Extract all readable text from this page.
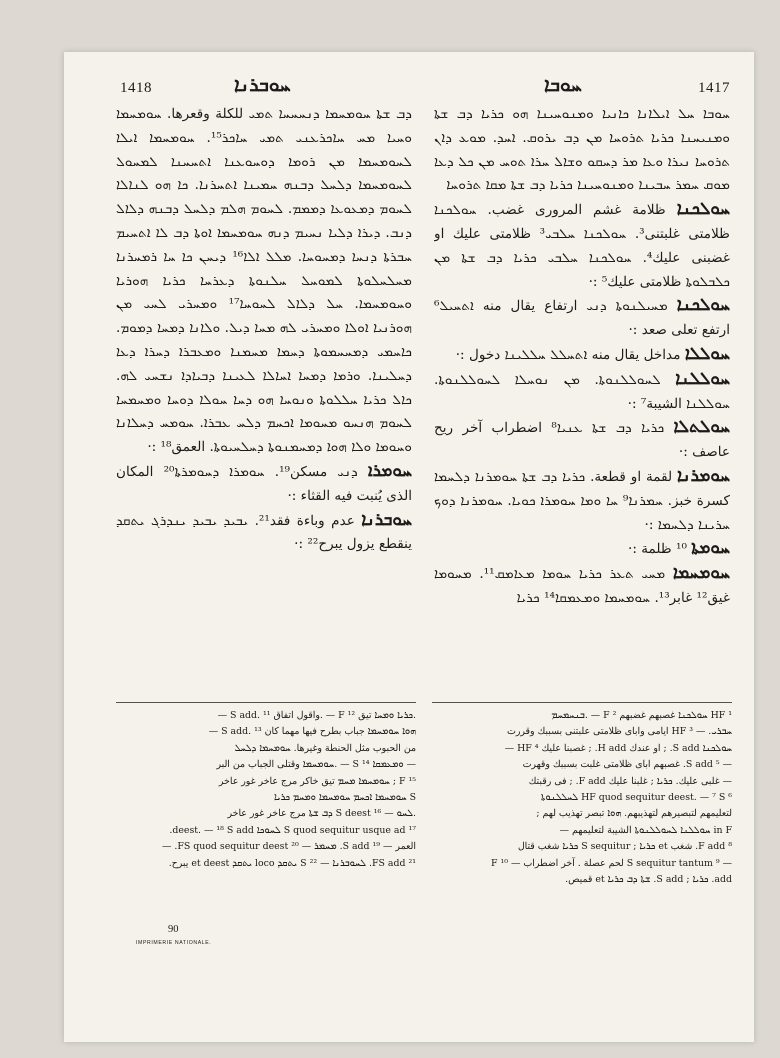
1418	ܚܘܒܪܢܐ	ܚܘܒܐ	1417

ܚܘܒܐ ܚܠ ܐܝܠܐܢܐ ܟܐܢܝܐ ܘܡܢܘܚܝܢܐ ܗܘ ܟܪܝܐ ܕܒ ܫܬܐ ܘܡܢܝܚܢܐ ܟܪܝܐ ܬܪܘܚܐ ܡܢ ܕܒ ܝܪܘܩ. ܐܚܕ. ܡܘܥ ܕܐܢ ܬܪܘܚܐ ܢܝܪܐ ܘܥܐ ܡܪ ܕܚܩܘ ܘܫܐܠ ܚܪܐ ܬܘܚ ܡܢ ܟܠ ܕܥܐ ܡܘܩ ܚܡܪ ܚܒܝܢܐ ܘܡܢܘܚܝܢܐ ܟܪܝܐ ܕܒ ܫܬܐ ܡܩܐ ܬܪܘܚܐ

ܚܘܠܟܢܐ ظلامة غشم المرورى غضب. ܚܘܠܟܢܐ ظلامتى غلبتنى³. ܚܘܠܟܢܐ ܚܠܒܝ³ ظلامتى عليك او غضبنى عليك⁴. ܚܘܠܟܢܐ ܚܠܒܝ ܟܪܝܐ ܕܒ ܫܬܐ ܡܢ ܟܠܒܠܘܬܐ ظلامتى عليك⁵ :·

ܚܘܠܟܢܐ ܡܚܝܠܢܘܬܐ ܕܢܝ ارتفاع يقال منه ܐܬܚܝܠ⁶ ارتفع تعلى صعد :·

ܚܘܠܠܐ مداخل يقال منه ܐܬܚܠܠ ܚܠܠܝܢܐ دخول :·

ܚܘܠܠܢܐ ܠܚܘܠܠܢܘܬܐ. ܡܢ ܢܘܚܠܐ ܠܚܘܠܠܢܘܬܐ. ܚܘܠܠܢܐ الشيبة⁷ :·

ܚܘܠܬܠܐ ܟܪܝܐ ܕܒ ܫܬܐ ܥܢܝܐ⁸ اضطراب آخر ريح عاصف :·

ܚܘܡܪܢܐ لقمة او قطعة. ܟܪܝܐ ܕܒ ܫܬܐ ܚܘܡܪܢܐ ܕܠܚܡܐ كسرة خبز. ܚܡܪܢܐ⁹ ܚܐ ܘܡܐ ܚܘܡܪܐ ܟܘܝܐ. ܚܘܡܪܢܐ ܕܘܟ ܚܪܝܢܐ ܕܠܚܡܐ :·

ܚܘܡܬܐ ¹⁰ ظلمة :·

ܚܘܡܚܡܐ ܡܚܝ ܬܥܪ ܟܪܝܐ ܚܘܡܐ ܡܥܐܡܩ¹¹. ܡܚܘܡܐ غيق¹² غابر¹³. ܚܘܡܚܡܐ ܘܡܥܡܩܐ¹⁴ ܟܪܝܐ

ܕܒ ܫܬܐ ܚܘܡܚܡܐ ܕܢܚܚܚܐ ܬܡܝ للكلة وقعرها. ܚܘܡܚܡܐ ܘܚܝܐ ܡܚ ܚܐܟܪܥܢܝ ܬܡܝ ܚܐܟܪ¹⁵. ܚܘܡܚܡܐ ܐܝܠܐ ܠܚܘܡܚܡܐ ܡܢ ܪܘܡܐ ܕܘܚܘܥܢܐ ܐܬܚܚܢܐ ܠܡܚܘܠ ܠܚܘܡܚܡܐ ܕܠܚܠ ܕܒܢܗ ܚܡܝܢܐ ܐܬܚܪܢܐ. ܟܐ ܗܘ ܠܢܐܠܐ ܠܚܘܡ ܕܡܥܘܥܐ ܕܡܡܡ. ܠܚܘܡ ܗܠܡ ܕܠܚܠ ܕܒܢܗ ܕܠܐܠ ܕܢܒ. ܕܝܪܐ ܕܠܝܐ ܢܚܝܡ ܕܢܗ ܚܘܡܚܡܐ ܐܘܬܐ ܕܒ ܠܐ ܐܬܚܝܡ ܚܒܪܬܐ ܕܢܚܐ ܕܡܚܘܚܐ. ܡܠܠ ܐܠܐ¹⁶ ܕܝܚܢ ܟܐ ܚܐ ܪܡܚܪܢܐ ܡܚܠܚܠܘܬܐ ܠܡܘܚܠ ܚܠܢܘܬܐ ܕܥܪܚܐ ܟܪܝܐ ܗܘܪܝܐ ܘܚܘܡܚܡܐ. ܚܠ ܕܠܐܠ ܠܚܘܚܐ¹⁷ ܘܡܚܪܝ ܠܚܝ ܡܢ ܗܘܪܢܝܐ ܐܘܠܐ ܘܡܚܪܝ ܠܗ ܡܚܐ ܕܝܠ. ܘܠܐܢܐ ܕܡܚܐ ܕܡܘܡ. ܟܐܚܡܝ ܕܡܚܚܡܘܬܐ ܕܚܡܐ ܡܚܡܢܐ ܘܡܥܒܪܐ ܕܚܪܐ ܕܥܐ ܕܚܠܝܢܐ. ܘܪܡܐ ܕܡܚܐ ܐܚܐܠܐ ܠܥܝܢܐ ܕܒܝܐܕܐ ܢܫܚܝ ܠܗ. ܟܐܠ ܟܪܝܐ ܚܠܠܘܬܐ ܘܢܘܚܐ ܗܘ ܕܚܐ ܚܘܠܐ ܕܘܚܐ ܘܡܚܡܚܐ ܠܚܘܡ ܗܢܚܘ ܡܚܘܡܐ ܐܟܚܡ ܕܠܚ ܥܒܪܐ. ܚܘܡܚ ܕܚܠܐܢܐ ܘܚܘܡܐ ܘܠܐ ܗܘܐ ܕܡܚܡܢܘܬܐ ܕܚܠܚܝܘܬܐ. العمق¹⁸ :·

ܚܘܡܪܐ ܕܢܝ مسكن¹⁹. ܚܘܡܪܐ ܕܚܘܡܪܬܐ²⁰ المكان الذى يُنبت فيه القثاء :·

ܚܘܒܪܢܐ عدم وباءة فقد²¹. ܝܒܝܕ ܝܒܝܕ ܝܢܕܪܓ ܝܬܩܕ ينقطع يزول يبرح²² :·

¹ HF ܚܘܠܟܢܐ غصبهم غضبهم F ² — .ܒܢܚܡܚܡ

ܚܒܪܝ. — ³ HF ايامى واباى ظلامتى علبتنى بسببك وقررت

ܚܘܠܟܢܐ S add. ; او عندك H add. ; غصبنا عليك HF ⁴ —

— ⁵ S add. غصبهم اباى ظلامتى غلبت بسببك وقهرت

— غلبى عليك. ܟܪܝܐ ; غلبنا عليك F add. ; فى رقبتك

⁶ HF quod sequitur deest. — ⁷ S ܠܚܠܠܢܘܬܐ

لتعليمهم لتبصيرهم لتهذيبهم. ܗܘܐ تبصر تهذيب لهم ;

in F ܚܘܠܠܢܐ ܠܚܘܠܠܢܘܬܐ الشيبة لتعليمهم —

⁸ F add. شغب et ܟܪܝܐ ; S sequitur ܟܪܝܐ شغب قتال

— ⁹ S sequitur tantum لحم عصلة . آخر اضطراب — ¹⁰ F

add. ܟܪܝܐ ; S add. ܫܬܐ ܕܒ ܟܪܝܐ et قميص.

.ܟܪܝܐ ܘܡܚܐ تيق F ¹² — .واقول اتفاق S add. ¹¹ —

ܗܘܐ ܚܘܡܚܡܐ جباب بطرح فيها مهما كان S add. ¹³ —

من الحبوب مثل الحنطة وغيرها. ܚܘܡܚܡܐ ܕܠܚܠ

— ܘܡܥܡܩܐ S ¹⁴ — .ܚܘܡܚܡܐ وقتلى الجباب من البر

¹⁵ F ; ܚܘܡܚܡܐ ܡܚܡ تيق خاكر مرج عاخر غور عاخر

S ܚܘܡܚܡܐ ܐܟܚܡ ܚܘܡܚܡܐ ܘܡܚܡ ܟܪܝܐ

.ܠܚܘ — ¹⁶ S deest ܕܒ ܫܬܐ مرج عاخر غور عاخر

¹⁷ S quod sequitur usque ad ܠܚܘܟܐ deest. — ¹⁸ S add.

العمر — ¹⁹ S add. ܡܚܡܪ — ²⁰ FS quod sequitur deest. —

²¹ FS add. ܠܚܘܒܪܢܐ — ²² S ܝܬܩܕ loco ܝܬܩܕ et deest يبرح.

90
IMPRIMERIE NATIONALE.
